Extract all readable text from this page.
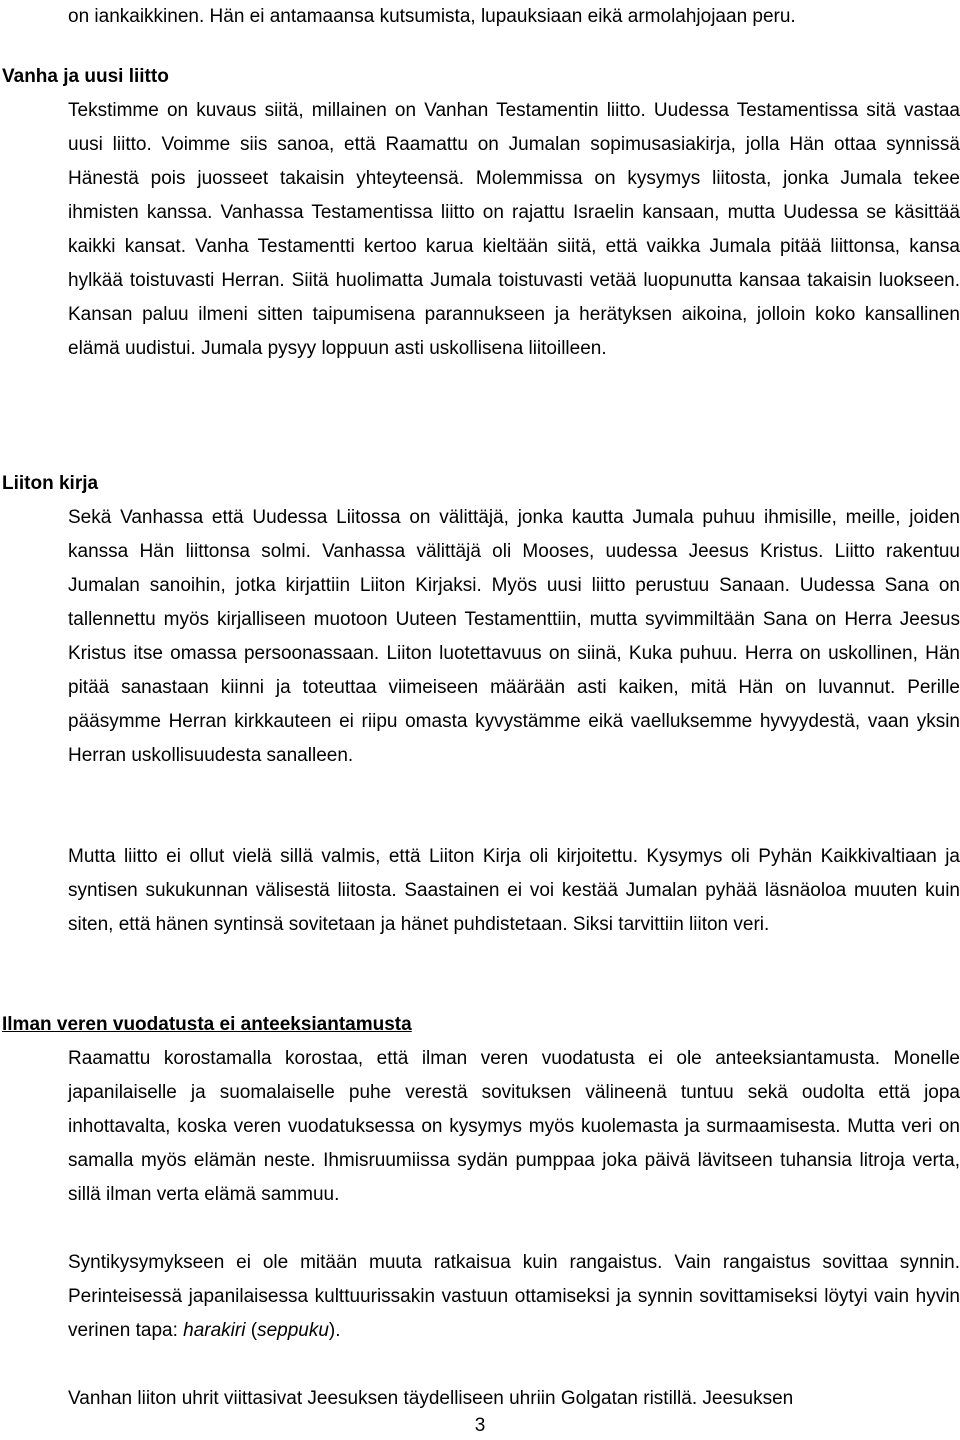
on iankaikkinen. Hän ei antamaansa kutsumista, lupauksiaan eikä armolahjojaan peru.

Vanha ja uusi liitto

Tekstimme on kuvaus siitä, millainen on Vanhan Testamentin liitto. Uudessa Testamentissa sitä vastaa uusi liitto. Voimme siis sanoa, että Raamattu on Jumalan sopimusasiakirja, jolla Hän ottaa synnissä Hänestä pois juosseet takaisin yhteyteensä. Molemmissa on kysymys liitosta, jonka Jumala tekee ihmisten kanssa. Vanhassa Testamentissa liitto on rajattu Israelin kansaan, mutta Uudessa se käsittää kaikki kansat. Vanha Testamentti kertoo karua kieltään siitä, että vaikka Jumala pitää liittonsa, kansa hylkää toistuvasti Herran. Siitä huolimatta Jumala toistuvasti vetää luopunutta kansaa takaisin luokseen. Kansan paluu ilmeni sitten taipumisena parannukseen ja herätyksen aikoina, jolloin koko kansallinen elämä uudistui. Jumala pysyy loppuun asti uskollisena liitoilleen.

Liiton kirja

Sekä Vanhassa että Uudessa Liitossa on välittäjä, jonka kautta Jumala puhuu ihmisille, meille, joiden kanssa Hän liittonsa solmi. Vanhassa välittäjä oli Mooses, uudessa Jeesus Kristus. Liitto rakentuu Jumalan sanoihin, jotka kirjattiin Liiton Kirjaksi. Myös uusi liitto perustuu Sanaan. Uudessa Sana on tallennettu myös kirjalliseen muotoon Uuteen Testamenttiin, mutta syvimmiltään Sana on Herra Jeesus Kristus itse omassa persoonassaan. Liiton luotettavuus on siinä, Kuka puhuu. Herra on uskollinen, Hän pitää sanastaan kiinni ja toteuttaa viimeiseen määrään asti kaiken, mitä Hän on luvannut. Perille pääsymme Herran kirkkauteen ei riipu omasta kyvystämme eikä vaelluksemme hyvyydestä, vaan yksin Herran uskollisuudesta sanalleen.

Mutta liitto ei ollut vielä sillä valmis, että Liiton Kirja oli kirjoitettu. Kysymys oli Pyhän Kaikkivaltiaan ja syntisen sukukunnan välisestä liitosta. Saastainen ei voi kestää Jumalan pyhää läsnäoloa muuten kuin siten, että hänen syntinsä sovitetaan ja hänet puhdistetaan. Siksi tarvittiin liiton veri.

Ilman veren vuodatusta ei anteeksiantamusta

Raamattu korostamalla korostaa, että ilman veren vuodatusta ei ole anteeksiantamusta. Monelle japanilaiselle ja suomalaiselle puhe verestä sovituksen välineenä tuntuu sekä oudolta että jopa inhottavalta, koska veren vuodatuksessa on kysymys myös kuolemasta ja surmaamisesta. Mutta veri on samalla myös elämän neste. Ihmisruumiissa sydän pumppaa joka päivä lävitseen tuhansia litroja verta, sillä ilman verta elämä sammuu.

Syntikysymykseen ei ole mitään muuta ratkaisua kuin rangaistus. Vain rangaistus sovittaa synnin. Perinteisessä japanilaisessa kulttuurissakin vastuun ottamiseksi ja synnin sovittamiseksi löytyi vain hyvin verinen tapa: harakiri (seppuku).

Vanhan liiton uhrit viittasivat Jeesuksen täydelliseen uhriin Golgatan ristillä. Jeesuksen

3
